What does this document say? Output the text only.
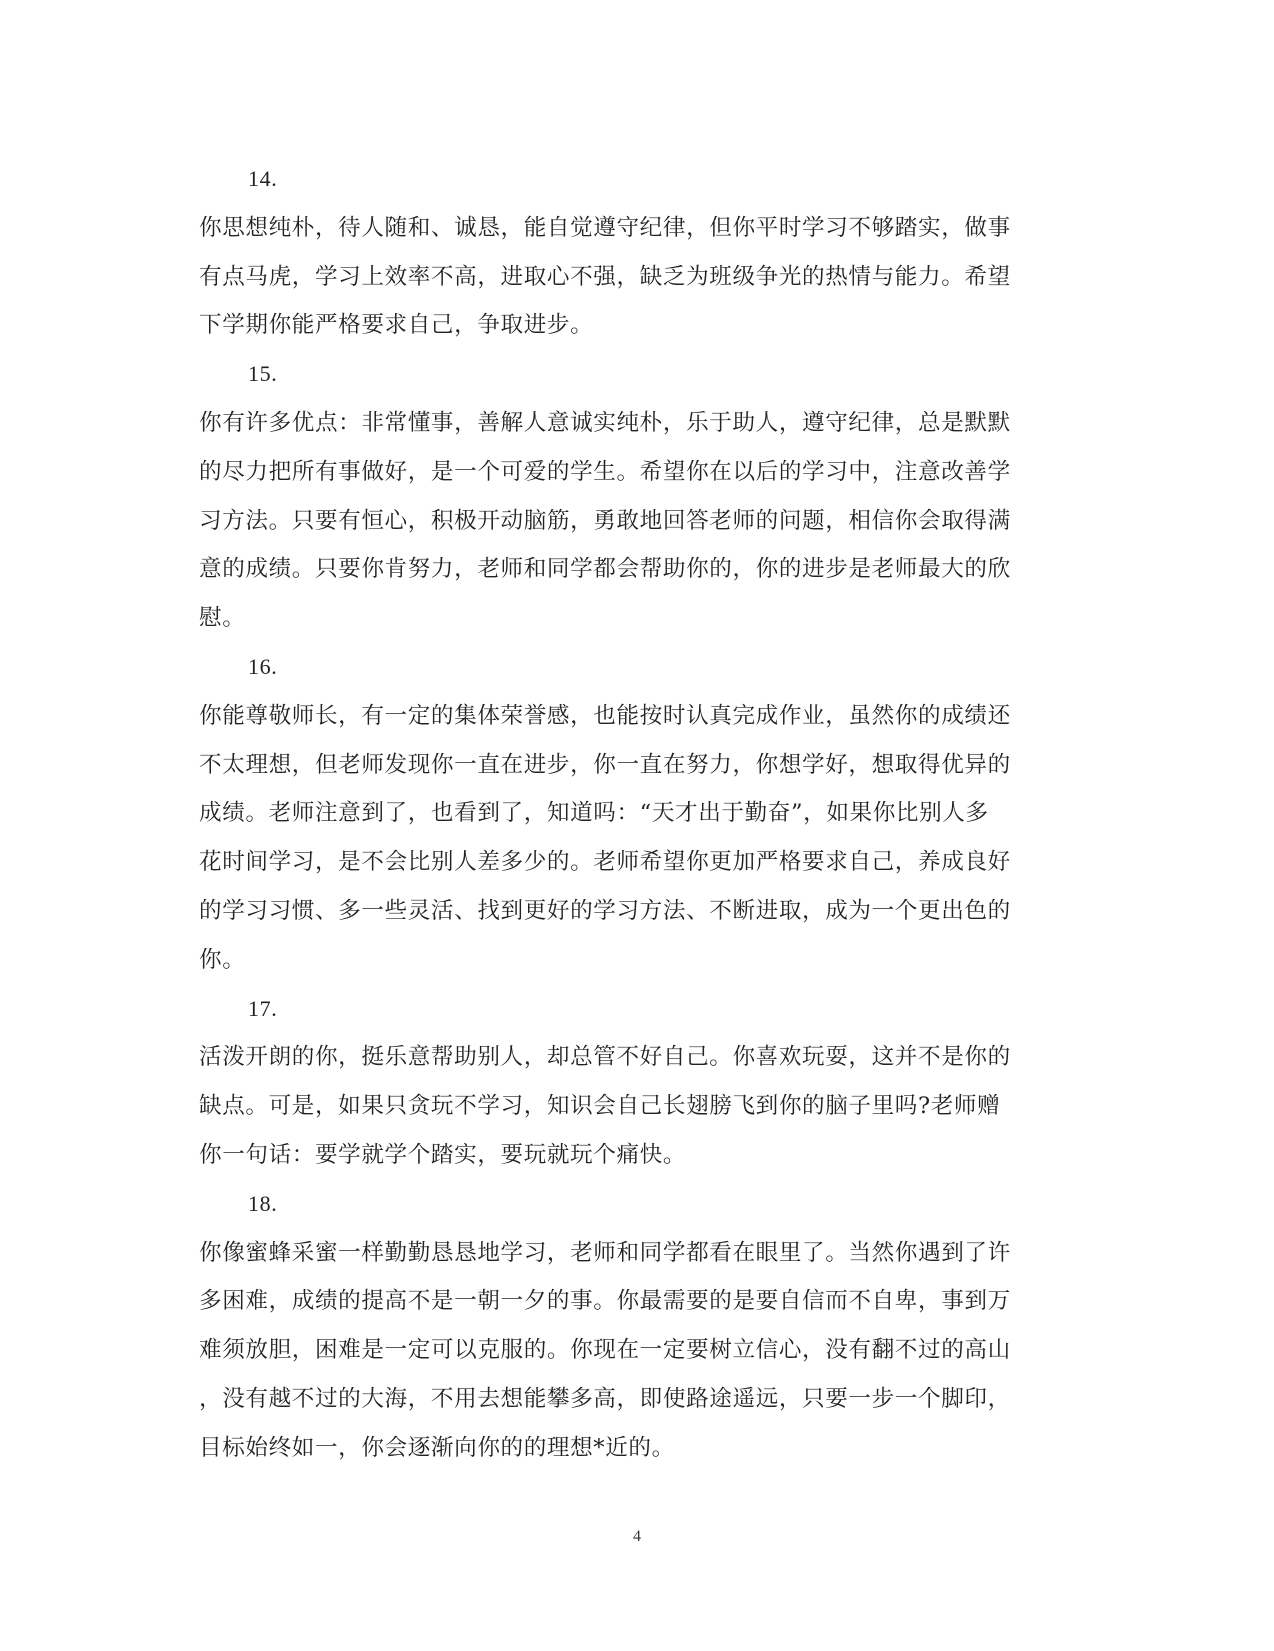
14.
你思想纯朴，待人随和、诚恳，能自觉遵守纪律，但你平时学习不够踏实，做事
有点马虎，学习上效率不高，进取心不强，缺乏为班级争光的热情与能力。希望
下学期你能严格要求自己，争取进步。
15.
你有许多优点：非常懂事，善解人意诚实纯朴，乐于助人，遵守纪律，总是默默
的尽力把所有事做好，是一个可爱的学生。希望你在以后的学习中，注意改善学
习方法。只要有恒心，积极开动脑筋，勇敢地回答老师的问题，相信你会取得满
意的成绩。只要你肯努力，老师和同学都会帮助你的，你的进步是老师最大的欣
慰。
16.
你能尊敬师长，有一定的集体荣誉感，也能按时认真完成作业，虽然你的成绩还
不太理想，但老师发现你一直在进步，你一直在努力，你想学好，想取得优异的
成绩。老师注意到了，也看到了，知道吗：“天才出于勤奋”，如果你比别人多
花时间学习，是不会比别人差多少的。老师希望你更加严格要求自己，养成良好
的学习习惯、多一些灵活、找到更好的学习方法、不断进取，成为一个更出色的
你。
17.
活泼开朗的你，挺乐意帮助别人，却总管不好自己。你喜欢玩耍，这并不是你的
缺点。可是，如果只贪玩不学习，知识会自己长翅膀飞到你的脑子里吗?老师赠
你一句话：要学就学个踏实，要玩就玩个痛快。
18.
你像蜜蜂采蜜一样勤勤恳恳地学习，老师和同学都看在眼里了。当然你遇到了许
多困难，成绩的提高不是一朝一夕的事。你最需要的是要自信而不自卑，事到万
难须放胆，困难是一定可以克服的。你现在一定要树立信心，没有翻不过的高山
，没有越不过的大海，不用去想能攀多高，即使路途遥远，只要一步一个脚印，
目标始终如一，你会逐渐向你的的理想*近的。
4
